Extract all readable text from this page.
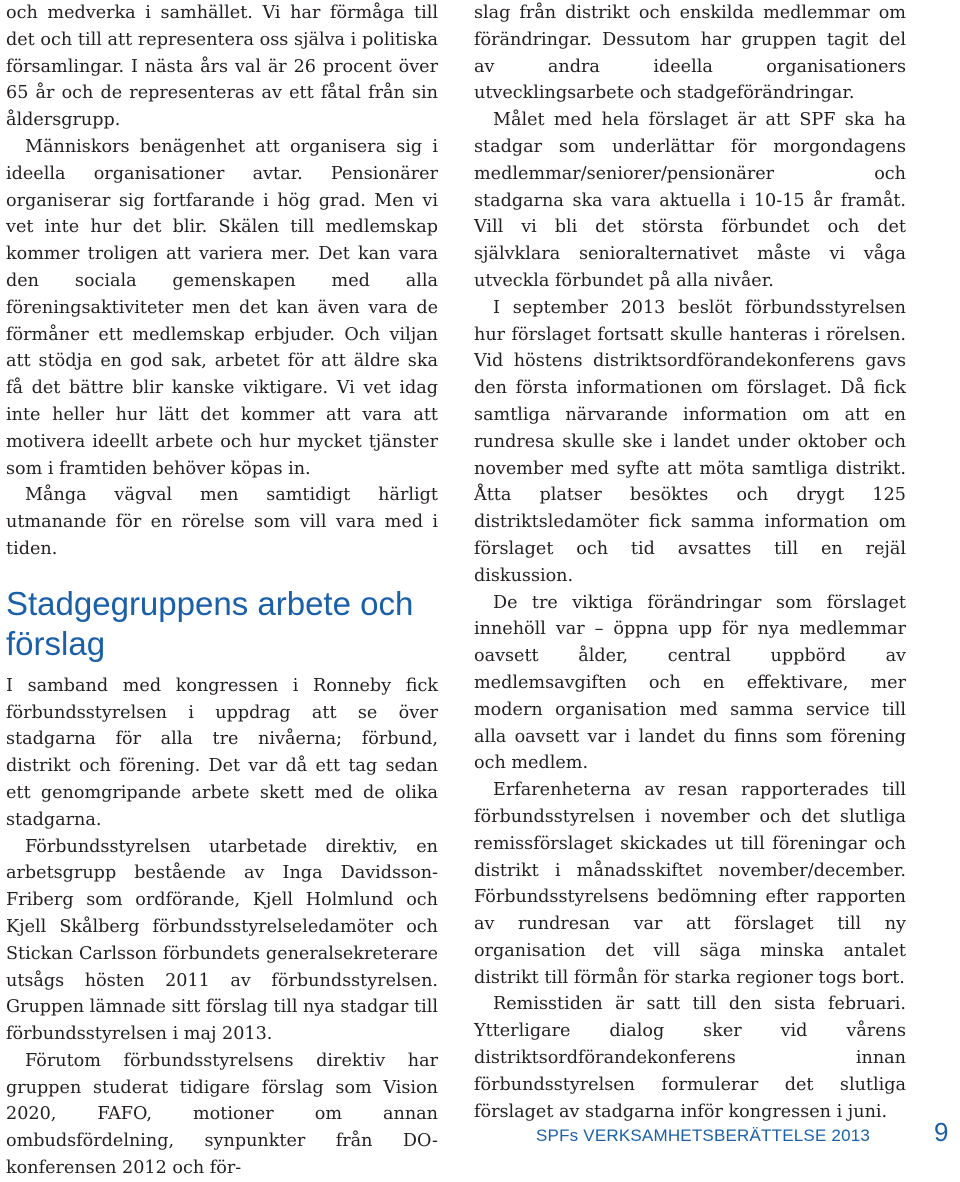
och medverka i samhället. Vi har förmåga till det och till att representera oss själva i politiska församlingar. I nästa års val är 26 procent över 65 år och de representeras av ett fåtal från sin åldersgrupp.

Människors benägenhet att organisera sig i ideella organisationer avtar. Pensionärer organiserar sig fortfarande i hög grad. Men vi vet inte hur det blir. Skälen till medlemskap kommer troligen att variera mer. Det kan vara den sociala gemenskapen med alla föreningsaktiviteter men det kan även vara de förmåner ett medlemskap erbjuder. Och viljan att stödja en god sak, arbetet för att äldre ska få det bättre blir kanske viktigare. Vi vet idag inte heller hur lätt det kommer att vara att motivera ideellt arbete och hur mycket tjänster som i framtiden behöver köpas in.

Många vägval men samtidigt härligt utmanande för en rörelse som vill vara med i tiden.

Stadgegruppens arbete och förslag

I samband med kongressen i Ronneby fick förbundsstyrelsen i uppdrag att se över stadgarna för alla tre nivåerna; förbund, distrikt och förening. Det var då ett tag sedan ett genomgripande arbete skett med de olika stadgarna.

Förbundsstyrelsen utarbetade direktiv, en arbetsgrupp bestående av Inga Davidsson-Friberg som ordförande, Kjell Holmlund och Kjell Skålberg förbundsstyrelseledamöter och Stickan Carlsson förbundets generalsekreterare utsågs hösten 2011 av förbundsstyrelsen. Gruppen lämnade sitt förslag till nya stadgar till förbundsstyrelsen i maj 2013.

Förutom förbundsstyrelsens direktiv har gruppen studerat tidigare förslag som Vision 2020, FAFO, motioner om annan ombudsfördelning, synpunkter från DO-konferensen 2012 och för-

slag från distrikt och enskilda medlemmar om förändringar. Dessutom har gruppen tagit del av andra ideella organisationers utvecklingsarbete och stadgeförändringar.

Målet med hela förslaget är att SPF ska ha stadgar som underlättar för morgondagens medlemmar/seniorer/pensionärer och stadgarna ska vara aktuella i 10-15 år framåt. Vill vi bli det största förbundet och det självklara senioralternativet måste vi våga utveckla förbundet på alla nivåer.

I september 2013 beslöt förbundsstyrelsen hur förslaget fortsatt skulle hanteras i rörelsen. Vid höstens distriktsordförandekonferens gavs den första informationen om förslaget. Då fick samtliga närvarande information om att en rundresa skulle ske i landet under oktober och november med syfte att möta samtliga distrikt. Åtta platser besöktes och drygt 125 distriktsledamöter fick samma information om förslaget och tid avsattes till en rejäl diskussion.

De tre viktiga förändringar som förslaget innehöll var – öppna upp för nya medlemmar oavsett ålder, central uppbörd av medlemsavgiften och en effektivare, mer modern organisation med samma service till alla oavsett var i landet du finns som förening och medlem.

Erfarenheterna av resan rapporterades till förbundsstyrelsen i november och det slutliga remissförslaget skickades ut till föreningar och distrikt i månadsskiftet november/december. Förbundsstyrelsens bedömning efter rapporten av rundresan var att förslaget till ny organisation det vill säga minska antalet distrikt till förmån för starka regioner togs bort.

Remisstiden är satt till den sista februari. Ytterligare dialog sker vid vårens distriktsordförandekonferens innan förbundsstyrelsen formulerar det slutliga förslaget av stadgarna inför kongressen i juni.

SPFs VERKSAMHETSBERÄTTELSE 2013 9
